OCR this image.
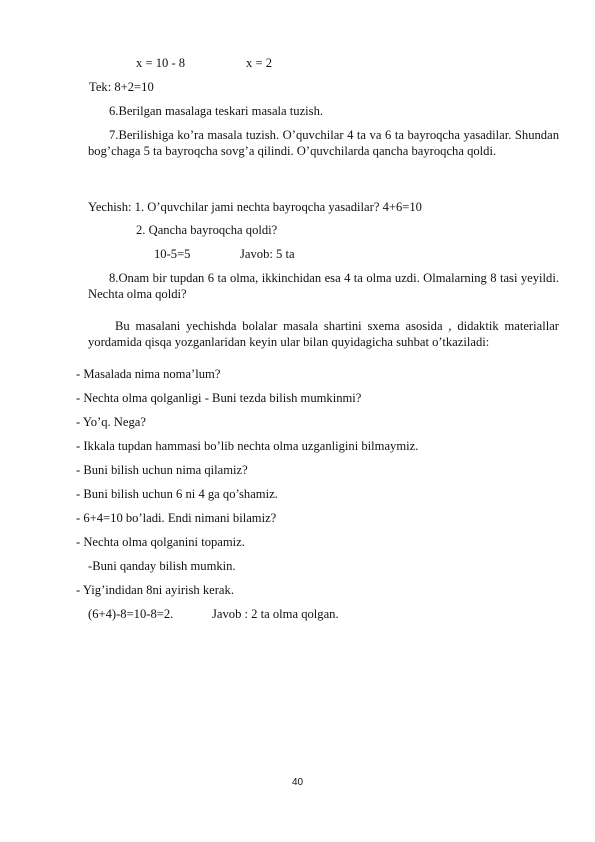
x = 10 - 8	x = 2

Tek: 8+2=10

6.Berilgan masalaga teskari masala tuzish.

7.Berilishiga ko’ra masala tuzish. O’quvchilar 4 ta va 6 ta bayroqcha yasadilar. Shundan bog’chaga 5 ta bayroqcha sovg’a qilindi. O’quvchilarda qancha bayroqcha qoldi.

Yechish: 1. O’quvchilar jami nechta bayroqcha yasadilar? 4+6=10

2. Qancha bayroqcha qoldi?

10-5=5	Javob: 5 ta

8.Onam bir tupdan 6 ta olma, ikkinchidan esa 4 ta olma uzdi. Olmalarning 8 tasi yeyildi. Nechta olma qoldi?

Bu masalani yechishda bolalar masala shartini sxema asosida , didaktik materiallar yordamida qisqa yozganlaridan keyin ular bilan quyidagicha suhbat o’tkaziladi:

- Masalada nima noma’lum?

- Nechta olma qolganligi - Buni tezda bilish mumkinmi?

- Yo’q. Nega?

- Ikkala tupdan hammasi bo’lib nechta olma uzganligini bilmaymiz.

- Buni bilish uchun nima qilamiz?

- Buni bilish uchun 6 ni 4 ga qo’shamiz.

- 6+4=10 bo’ladi. Endi nimani bilamiz?

- Nechta olma qolganini topamiz.

-Buni qanday bilish mumkin.

- Yig’indidan 8ni ayirish kerak.

(6+4)-8=10-8=2.	Javob : 2 ta olma qolgan.

40
